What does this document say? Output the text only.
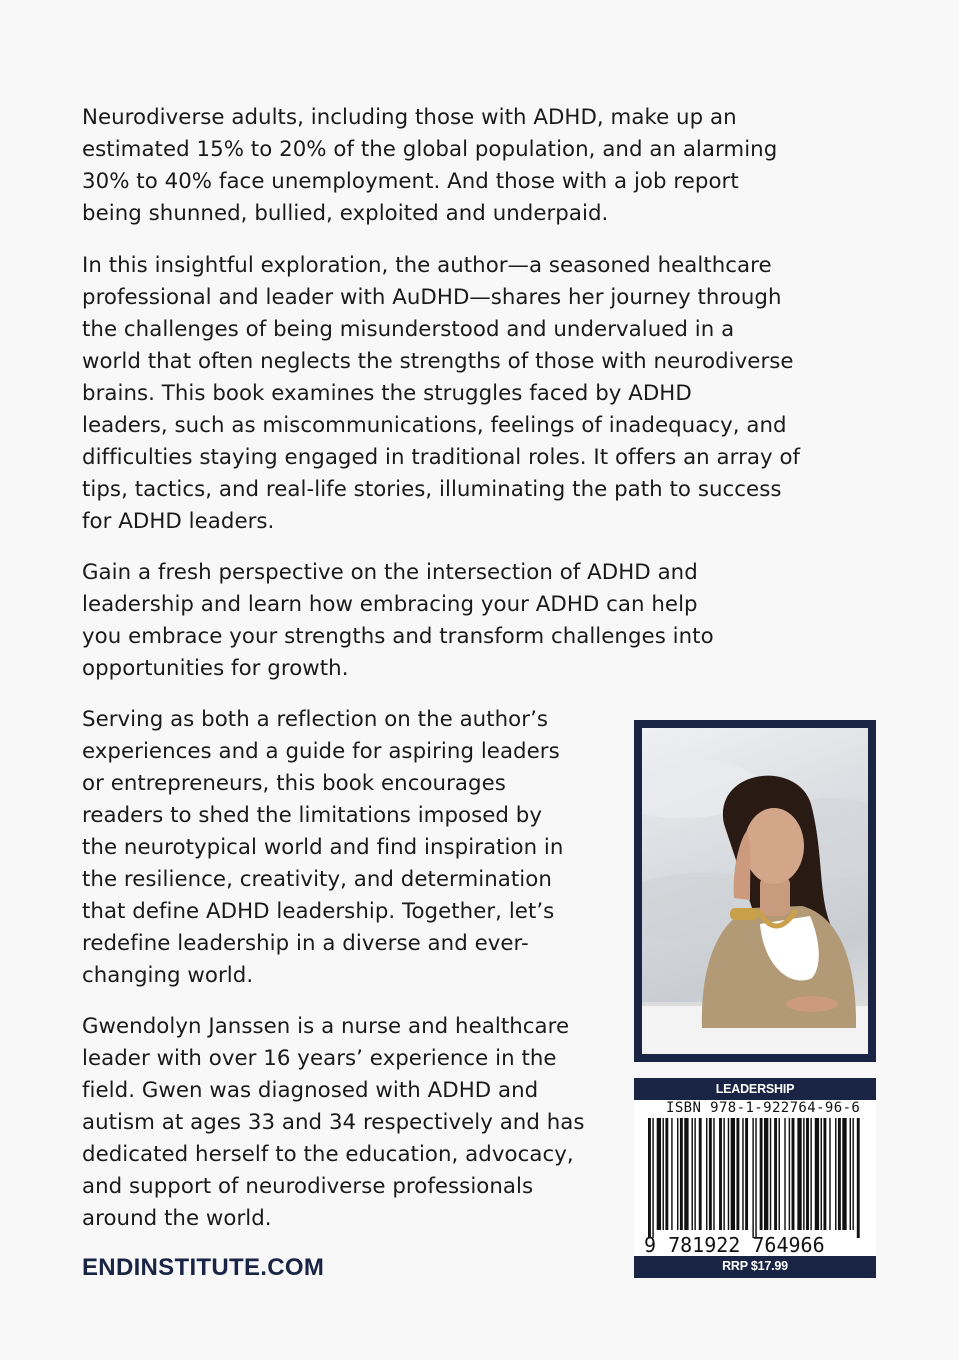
Neurodiverse adults, including those with ADHD, make up an
estimated 15% to 20% of the global population, and an alarming
30% to 40% face unemployment. And those with a job report
being shunned, bullied, exploited and underpaid.

In this insightful exploration, the author—a seasoned healthcare
professional and leader with AuDHD—shares her journey through
the challenges of being misunderstood and undervalued in a
world that often neglects the strengths of those with neurodiverse
brains. This book examines the struggles faced by ADHD
leaders, such as miscommunications, feelings of inadequacy, and
difficulties staying engaged in traditional roles. It offers an array of
tips, tactics, and real-life stories, illuminating the path to success
for ADHD leaders.

Gain a fresh perspective on the intersection of ADHD and
leadership and learn how embracing your ADHD can help
you embrace your strengths and transform challenges into
opportunities for growth.

Serving as both a reflection on the author’s
experiences and a guide for aspiring leaders
or entrepreneurs, this book encourages
readers to shed the limitations imposed by
the neurotypical world and find inspiration in
the resilience, creativity, and determination
that define ADHD leadership. Together, let’s
redefine leadership in a diverse and ever-
changing world.

Gwendolyn Janssen is a nurse and healthcare
leader with over 16 years’ experience in the
field. Gwen was diagnosed with ADHD and
autism at ages 33 and 34 respectively and has
dedicated herself to the education, advocacy,
and support of neurodiverse professionals
around the world.

ENDINSTITUTE.COM

LEADERSHIP
ISBN 978-1-922764-96-6
9 781922 764966
RRP $17.99
